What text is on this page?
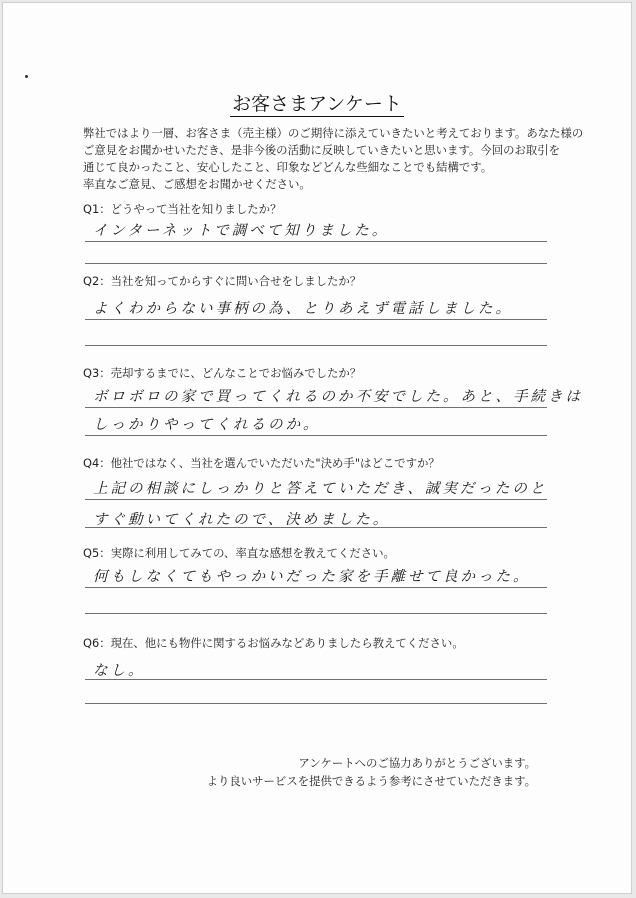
お客さまアンケート
弊社ではより一層、お客さま（売主様）のご期待に添えていきたいと考えております。あなた様の
ご意見をお聞かせいただき、是非今後の活動に反映していきたいと思います。今回のお取引を
通じて良かったこと、安心したこと、印象などどんな些細なことでも結構です。
率直なご意見、ご感想をお聞かせください。
Q1：どうやって当社を知りましたか？
インターネットで調べて知りました。
Q2：当社を知ってからすぐに問い合せをしましたか？
よくわからない事柄の為、とりあえず電話しました。
Q3：売却するまでに、どんなことでお悩みでしたか？
ボロボロの家で買ってくれるのか不安でした。あと、手続きは
しっかりやってくれるのか。
Q4：他社ではなく、当社を選んでいただいた"決め手"はどこですか？
上記の相談にしっかりと答えていただき、誠実だったのと
すぐ動いてくれたので、決めました。
Q5：実際に利用してみての、率直な感想を教えてください。
何もしなくてもやっかいだった家を手離せて良かった。
Q6：現在、他にも物件に関するお悩みなどありましたら教えてください。
なし。
アンケートへのご協力ありがとうございます。
より良いサービスを提供できるよう参考にさせていただきます。
